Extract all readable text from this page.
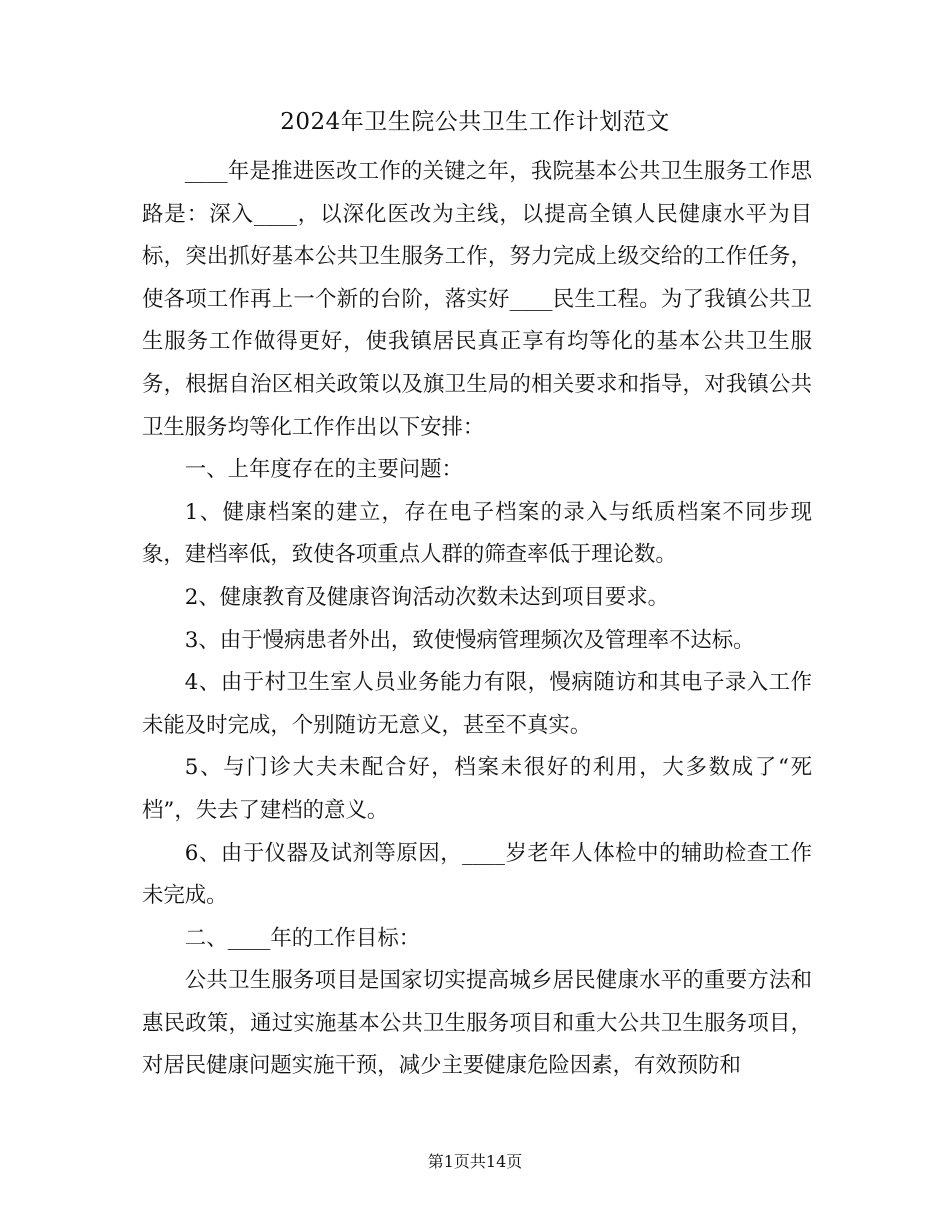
2024年卫生院公共卫生工作计划范文

____年是推进医改工作的关键之年，我院基本公共卫生服务工作思路是：深入____，以深化医改为主线，以提高全镇人民健康水平为目标，突出抓好基本公共卫生服务工作，努力完成上级交给的工作任务，使各项工作再上一个新的台阶，落实好____民生工程。为了我镇公共卫生服务工作做得更好，使我镇居民真正享有均等化的基本公共卫生服务，根据自治区相关政策以及旗卫生局的相关要求和指导，对我镇公共卫生服务均等化工作作出以下安排：

一、上年度存在的主要问题：

1、健康档案的建立，存在电子档案的录入与纸质档案不同步现象，建档率低，致使各项重点人群的筛查率低于理论数。

2、健康教育及健康咨询活动次数未达到项目要求。

3、由于慢病患者外出，致使慢病管理频次及管理率不达标。

4、由于村卫生室人员业务能力有限，慢病随访和其电子录入工作未能及时完成，个别随访无意义，甚至不真实。

5、与门诊大夫未配合好，档案未很好的利用，大多数成了“死档”，失去了建档的意义。

6、由于仪器及试剂等原因，____岁老年人体检中的辅助检查工作未完成。

二、____年的工作目标：

公共卫生服务项目是国家切实提高城乡居民健康水平的重要方法和惠民政策，通过实施基本公共卫生服务项目和重大公共卫生服务项目，对居民健康问题实施干预，减少主要健康危险因素，有效预防和

第1页共14页
